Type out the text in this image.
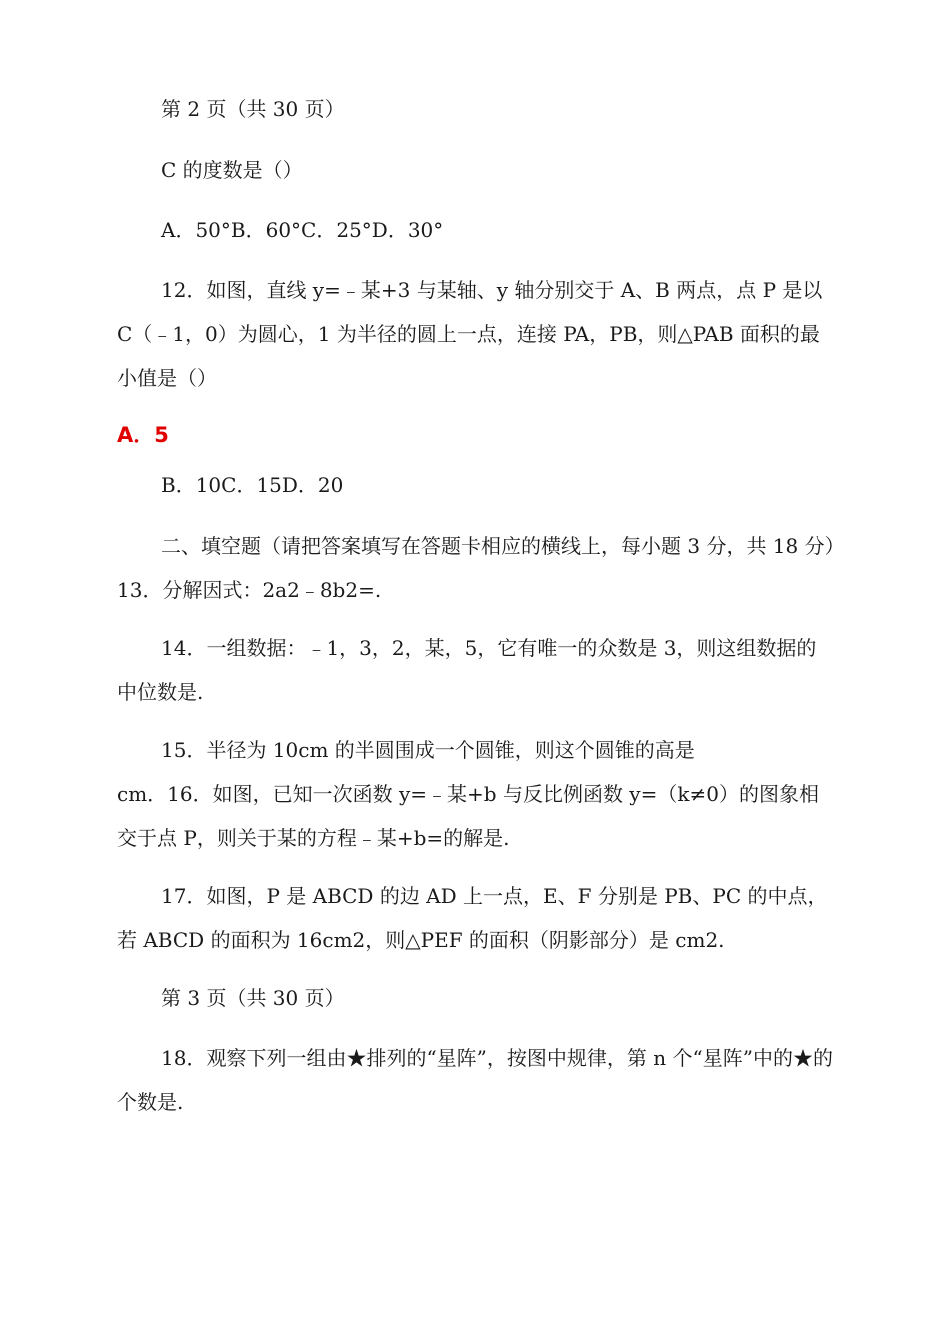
第 2 页（共 30 页）

C 的度数是（）

A．50°B．60°C．25°D．30°

12．如图，直线 y=﹣某+3 与某轴、y 轴分别交于 A、B 两点，点 P 是以 C（﹣1，0）为圆心，1 为半径的圆上一点，连接 PA，PB，则△PAB 面积的最小值是（）

A．5

B．10C．15D．20

二、填空题（请把答案填写在答题卡相应的横线上，每小题 3 分，共 18 分）13．分解因式：2a2﹣8b2=.

14．一组数据：﹣1，3，2，某，5，它有唯一的众数是 3，则这组数据的中位数是.

15．半径为 10cm 的半圆围成一个圆锥，则这个圆锥的高是

cm．16．如图，已知一次函数 y=﹣某+b 与反比例函数 y=（k≠0）的图象相交于点 P，则关于某的方程﹣某+b=的解是.

17．如图，P 是 ABCD 的边 AD 上一点，E、F 分别是 PB、PC 的中点，若 ABCD 的面积为 16cm2，则△PEF 的面积（阴影部分）是 cm2.

第 3 页（共 30 页）

18．观察下列一组由★排列的“星阵”，按图中规律，第 n 个“星阵”中的★的个数是.
